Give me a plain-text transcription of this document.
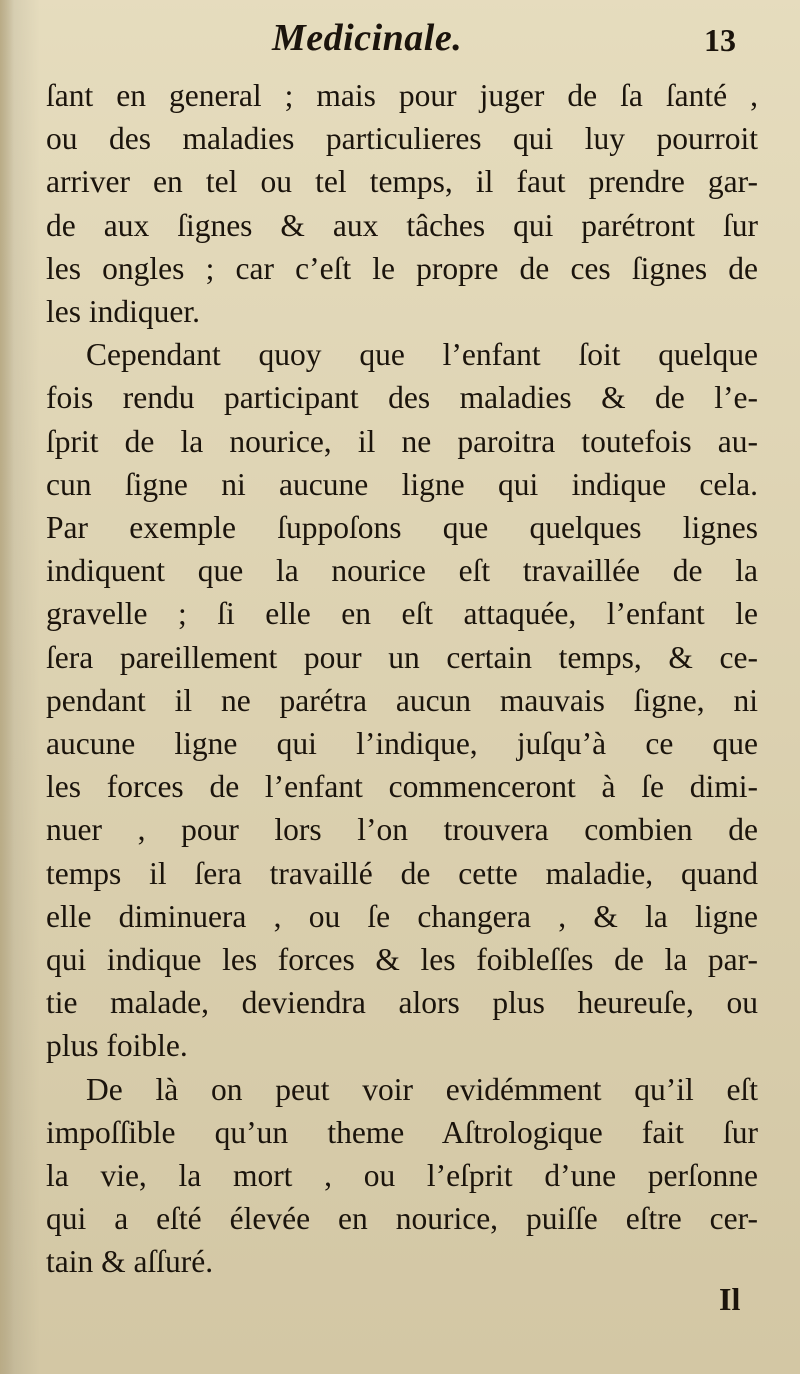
Medicinale.	13
ſant en general ; mais pour juger de ſa ſanté ,
ou des maladies particulieres qui luy pourroit
arriver en tel ou tel temps, il faut prendre gar-
de aux ſignes & aux tâches qui parétront ſur
les ongles ; car c’eſt le propre de ces ſignes de
les indiquer.
Cependant quoy que l’enfant ſoit quelque
fois rendu participant des maladies & de l’e-
ſprit de la nourice, il ne paroitra toutefois au-
cun ſigne ni aucune ligne qui indique cela.
Par exemple ſuppoſons que quelques lignes
indiquent que la nourice eſt travaillée de la
gravelle ; ſi elle en eſt attaquée, l’enfant le
ſera pareillement pour un certain temps, & ce-
pendant il ne parétra aucun mauvais ſigne, ni
aucune ligne qui l’indique, juſqu’à ce que
les forces de l’enfant commenceront à ſe dimi-
nuer , pour lors l’on trouvera combien de
temps il ſera travaillé de cette maladie, quand
elle diminuera , ou ſe changera , & la ligne
qui indique les forces & les foibleſſes de la par-
tie malade, deviendra alors plus heureuſe, ou
plus foible.
De là on peut voir evidémment qu’il eſt
impoſſible qu’un theme Aſtrologique fait ſur
la vie, la mort , ou l’eſprit d’une perſonne
qui a eſté élevée en nourice, puiſſe eſtre cer-
tain & aſſuré.
Il
